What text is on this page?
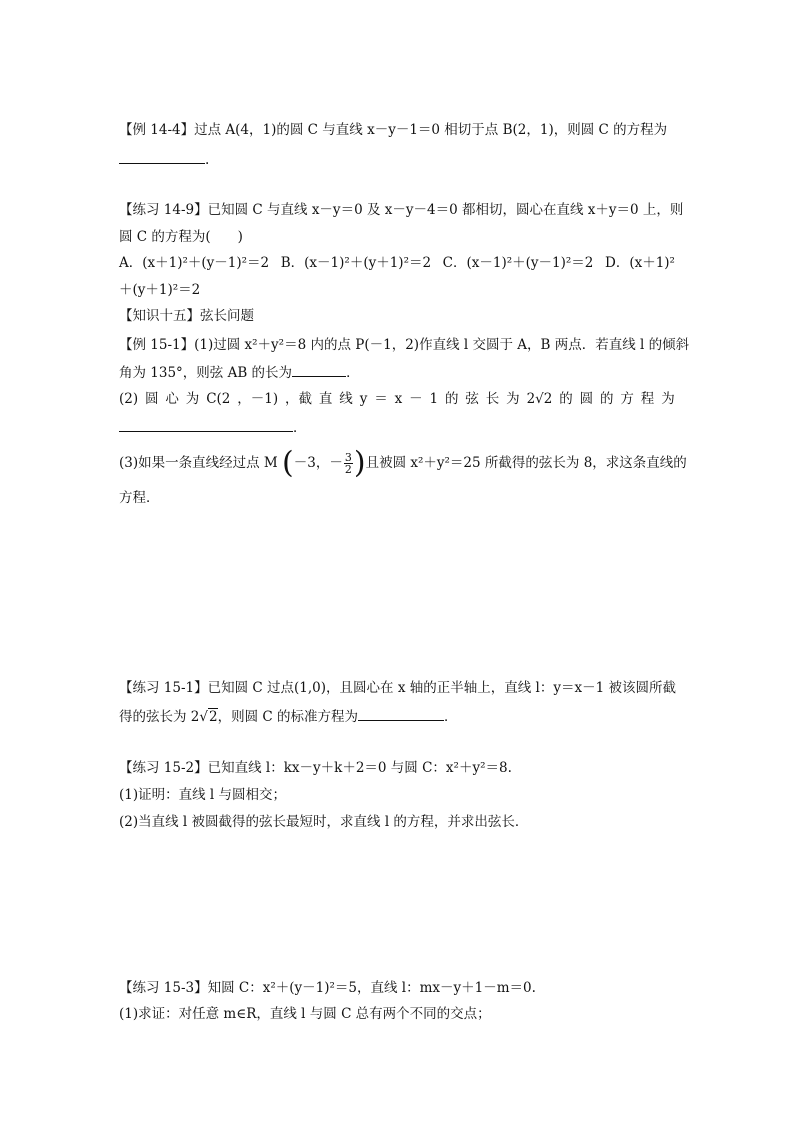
【例 14-4】过点 A(4，1)的圆 C 与直线 x－y－1＝0 相切于点 B(2，1)，则圆 C 的方程为
.
【练习 14-9】已知圆 C 与直线 x－y＝0 及 x－y－4＝0 都相切，圆心在直线 x＋y＝0 上，则
圆 C 的方程为(　　)
A．(x＋1)²＋(y－1)²＝2 B．(x－1)²＋(y＋1)²＝2 C．(x－1)²＋(y－1)²＝2 D．(x＋1)²
＋(y＋1)²＝2
【知识十五】弦长问题
【例 15-1】(1)过圆 x²＋y²＝8 内的点 P(－1，2)作直线 l 交圆于 A，B 两点．若直线 l 的倾斜
角为 135°，则弦 AB 的长为	．
(2) 圆 心 为 C(2 ，－1) ，截 直 线 y ＝ x － 1 的 弦 长 为 2√2 的 圆 的 方 程 为
．
(3)如果一条直线经过点 M (－3，－ $\frac{3}{2}$ )且被圆 x²＋y²＝25 所截得的弦长为 8，求这条直线的
方程．
【练习 15-1】已知圆 C 过点(1,0)，且圆心在 x 轴的正半轴上，直线 l：y＝x－1 被该圆所截
得的弦长为 2√2，则圆 C 的标准方程为	．
【练习 15-2】已知直线 l：kx－y＋k＋2＝0 与圆 C：x²＋y²＝8.
(1)证明：直线 l 与圆相交；
(2)当直线 l 被圆截得的弦长最短时，求直线 l 的方程，并求出弦长．
【练习 15-3】知圆 C：x²＋(y－1)²＝5，直线 l：mx－y＋1－m＝0.
(1)求证：对任意 m∈R，直线 l 与圆 C 总有两个不同的交点；
